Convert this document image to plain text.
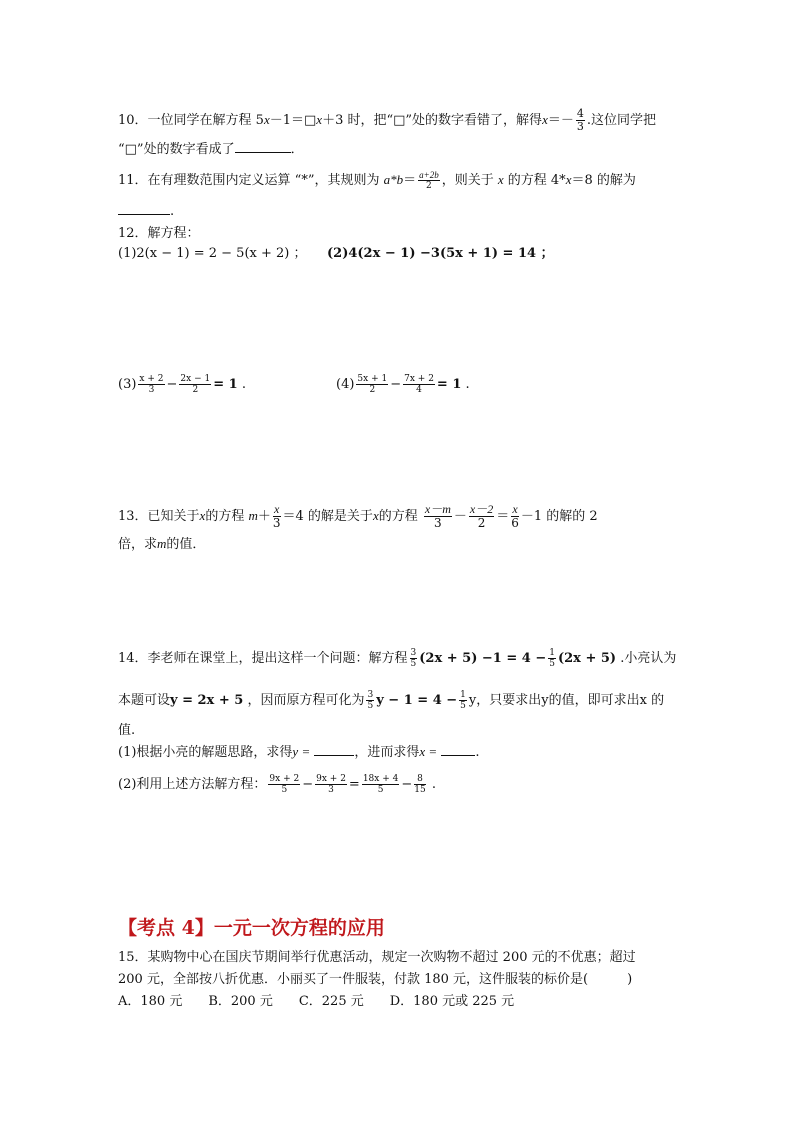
10．一位同学在解方程 5x－1＝□x＋3 时，把“□”处的数字看错了，解得$x=- \frac{4}{3}$ .这位同学把
“□”处的数字看成了	．
11．在有理数范围内定义运算 “*”，其规则为 $a*b= \frac{a+2b}{2}$ ，则关于 x 的方程 4*x＝8 的解为
.
12．解方程：
(1)2(x − 1) = 2 − 5(x + 2) ； (2)4(2x − 1) −3(5x + 1) = 14 ；
$(3) \frac{x + 2}{3} - \frac{2x - 1}{2} = 1$ .	$(4) \frac{5x + 1}{2} - \frac{7x + 2}{4} = 1$ .
13．已知关于x的方程 $m+ \frac{x}{3} =4$ 的解是关于x的方程 $\frac{x-m}{3} - \frac{x-2}{2} = \frac{x}{6} -1$ 的解的 2
倍，求m的值．
14．李老师在课堂上，提出这样一个问题：解方程 $\frac{3}{5} (2x + 5) -1 = 4 - \frac{1}{5} (2x + 5)$ .小亮认为
本题可设y = 2x + 5 ，因而原方程可化为 $\frac{3}{5}$ $y - 1 = 4 - \frac{1}{5}$ y，只要求出y的值，即可求出x 的
值.
(1)根据小亮的解题思路，求得y =	，进而求得x =	.
(2)利用上述方法解方程： $\frac{9x + 2}{5} - \frac{9x + 2}{3} = \frac{18x + 4}{5} - \frac{8}{15}$ .
【考点 4】一元一次方程的应用
15．某购物中心在国庆节期间举行优惠活动，规定一次购物不超过 200 元的不优惠；超过
200 元，全部按八折优惠．小丽买了一件服装，付款 180 元，这件服装的标价是(　　　)
A．180 元　　B．200 元　　C．225 元　　D．180 元或 225 元
